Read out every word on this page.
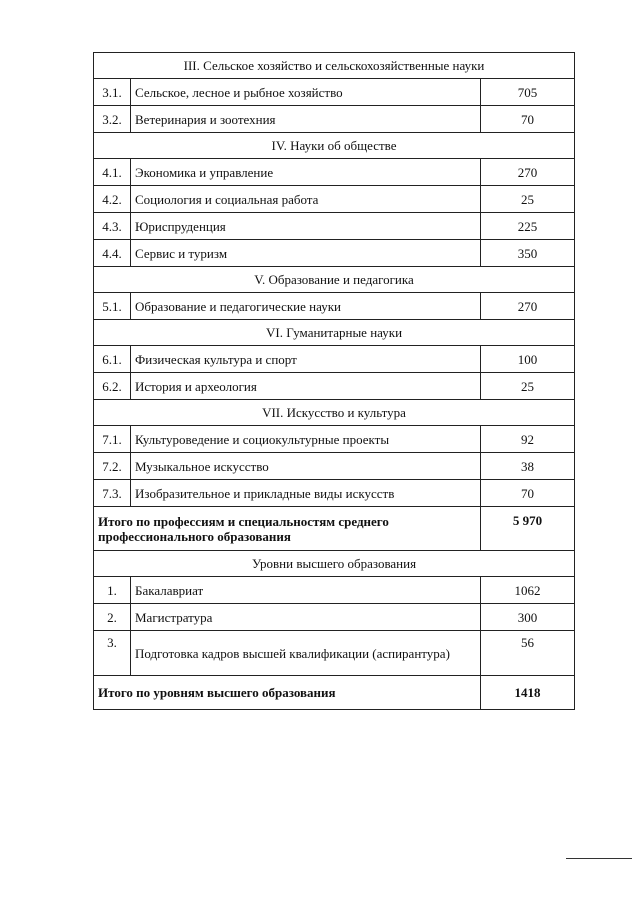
III. Сельское хозяйство и сельскохозяйственные науки		
3.1.	Сельское, лесное и рыбное хозяйство	705
3.2.	Ветеринария и зоотехния	70
IV. Науки об обществе		
4.1.	Экономика и управление	270
4.2.	Социология и социальная работа	25
4.3.	Юриспруденция	225
4.4.	Сервис и туризм	350
V. Образование и педагогика		
5.1.	Образование и педагогические науки	270
VI. Гуманитарные науки		
6.1.	Физическая культура и спорт	100
6.2.	История и археология	25
VII. Искусство и культура		
7.1.	Культуроведение и социокультурные проекты	92
7.2.	Музыкальное искусство	38
7.3.	Изобразительное и прикладные виды искусств	70
Итого по профессиям и специальностям среднего профессионального образования		5 970
Уровни высшего образования		
1.	Бакалавриат	1062
2.	Магистратура	300
3.	Подготовка кадров высшей квалификации (аспирантура)	56
Итого по уровням высшего образования		1418
